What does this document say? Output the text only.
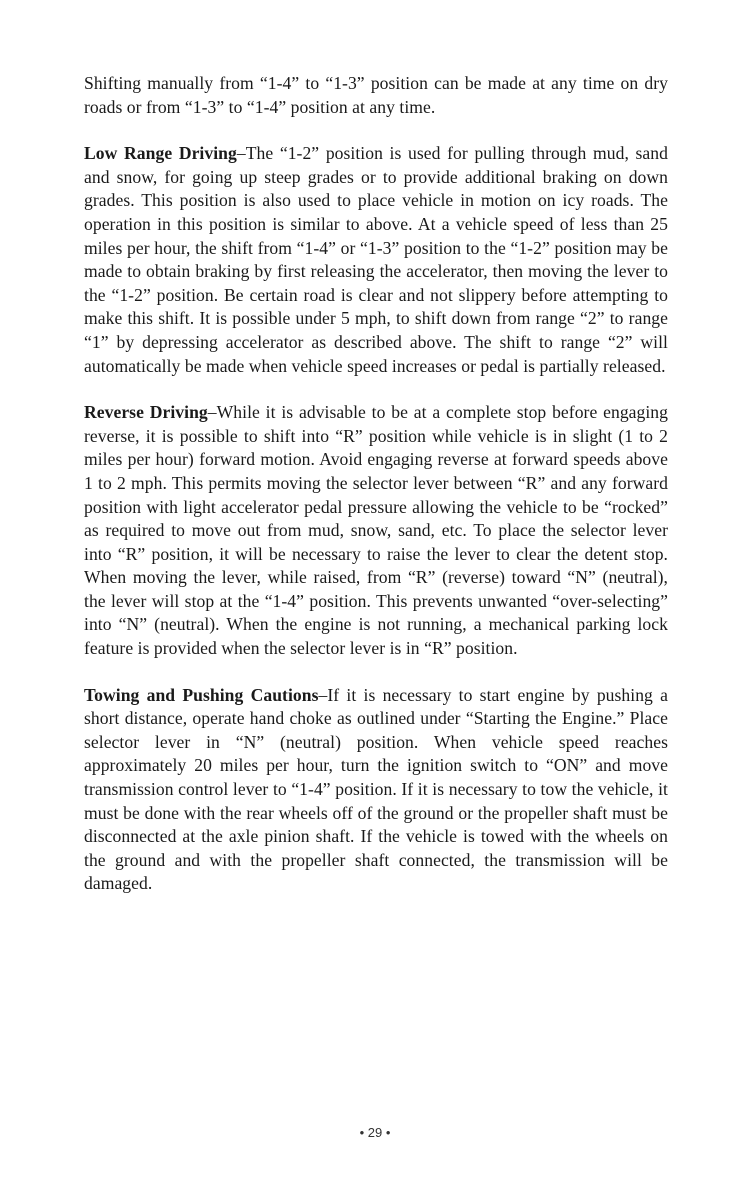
Shifting manually from “1-4” to “1-3” position can be made at any time on dry roads or from “1-3” to “1-4” position at any time.

Low Range Driving–The “1-2” position is used for pulling through mud, sand and snow, for going up steep grades or to provide additional braking on down grades. This position is also used to place vehicle in motion on icy roads. The operation in this position is similar to above. At a vehicle speed of less than 25 miles per hour, the shift from “1-4” or “1-3” position to the “1-2” position may be made to obtain braking by first releasing the accelerator, then moving the lever to the “1-2” position. Be certain road is clear and not slippery before attempting to make this shift. It is possible under 5 mph, to shift down from range “2” to range “1” by depressing accelerator as described above. The shift to range “2” will automatically be made when vehicle speed increases or pedal is partially released.

Reverse Driving–While it is advisable to be at a complete stop before engaging reverse, it is possible to shift into “R” position while vehicle is in slight (1 to 2 miles per hour) forward motion. Avoid engaging reverse at forward speeds above 1 to 2 mph. This permits moving the selector lever between “R” and any forward position with light accelerator pedal pressure allowing the vehicle to be “rocked” as required to move out from mud, snow, sand, etc. To place the selector lever into “R” position, it will be necessary to raise the lever to clear the detent stop. When moving the lever, while raised, from “R” (reverse) toward “N” (neutral), the lever will stop at the “1-4” position. This prevents unwanted “over-selecting” into “N” (neutral). When the engine is not running, a mechanical parking lock feature is provided when the selector lever is in “R” position.

Towing and Pushing Cautions–If it is necessary to start engine by pushing a short distance, operate hand choke as outlined under “Starting the Engine.” Place selector lever in “N” (neutral) position. When vehicle speed reaches approximately 20 miles per hour, turn the ignition switch to “ON” and move transmission control lever to “1-4” position. If it is necessary to tow the vehicle, it must be done with the rear wheels off of the ground or the propeller shaft must be disconnected at the axle pinion shaft. If the vehicle is towed with the wheels on the ground and with the propeller shaft connected, the transmission will be damaged.

• 29 •
